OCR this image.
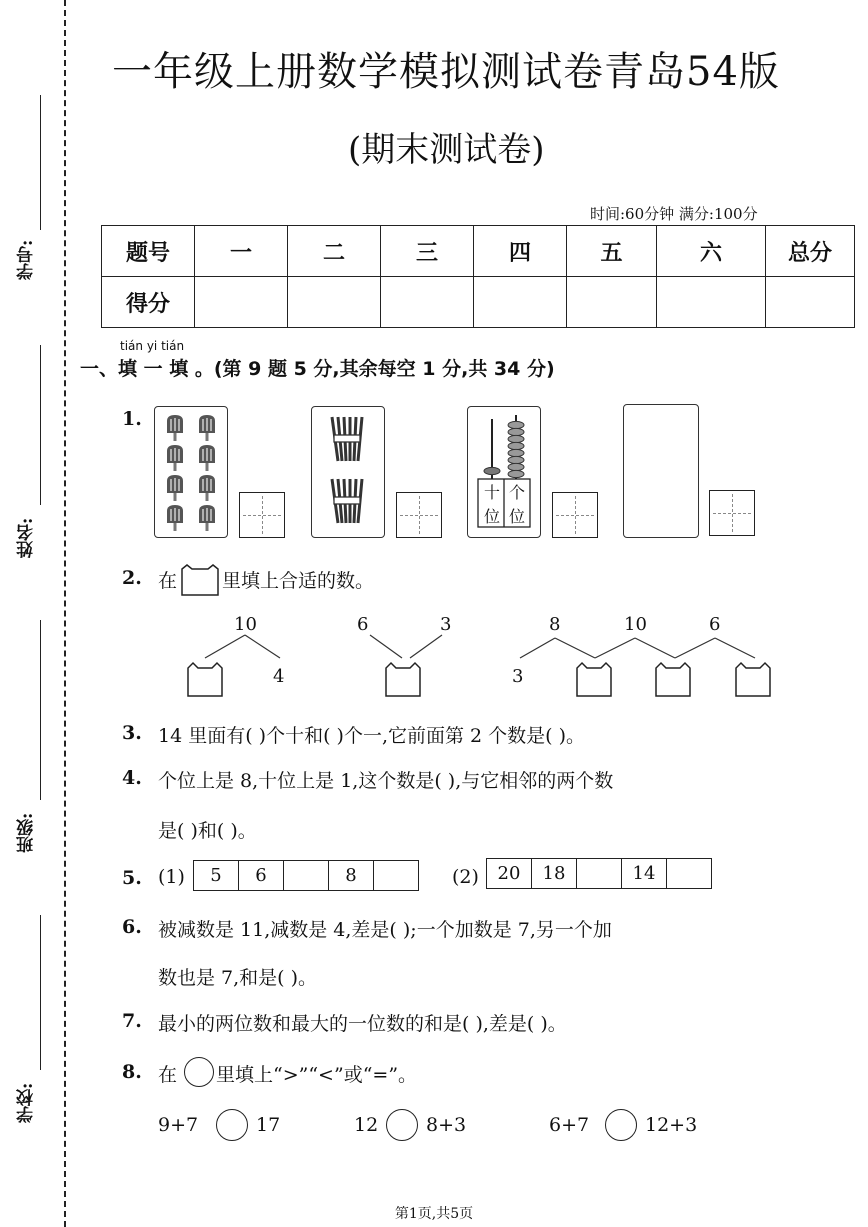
学号:
姓名:
班级:
学校:
一年级上册数学模拟测试卷青岛54版
(期末测试卷)
时间:60分钟 满分:100分
题号	一	二	三	四	五	六	总分
得分							
tián yi tián
一、填 一 填 。(第 9 题 5 分,其余每空 1 分,共 34 分)
1.
十 个
位 位
2. 在 里填上合适的数。
10
4
6	3	8	10	6
3
3. 14 里面有( )个十和( )个一,它前面第 2 个数是( )。
4. 个位上是 8,十位上是 1,这个数是( ),与它相邻的两个数
是( )和( )。
5. (1) 5	6		8		(2) 20	18		14	
6. 被减数是 11,减数是 4,差是( );一个加数是 7,另一个加
数也是 7,和是( )。
7. 最小的两位数和最大的一位数的和是( ),差是( )。
8. 在 里填上“>”“<”或“=”。
9+7	17	12	8+3	6+7	12+3
第1页,共5页
